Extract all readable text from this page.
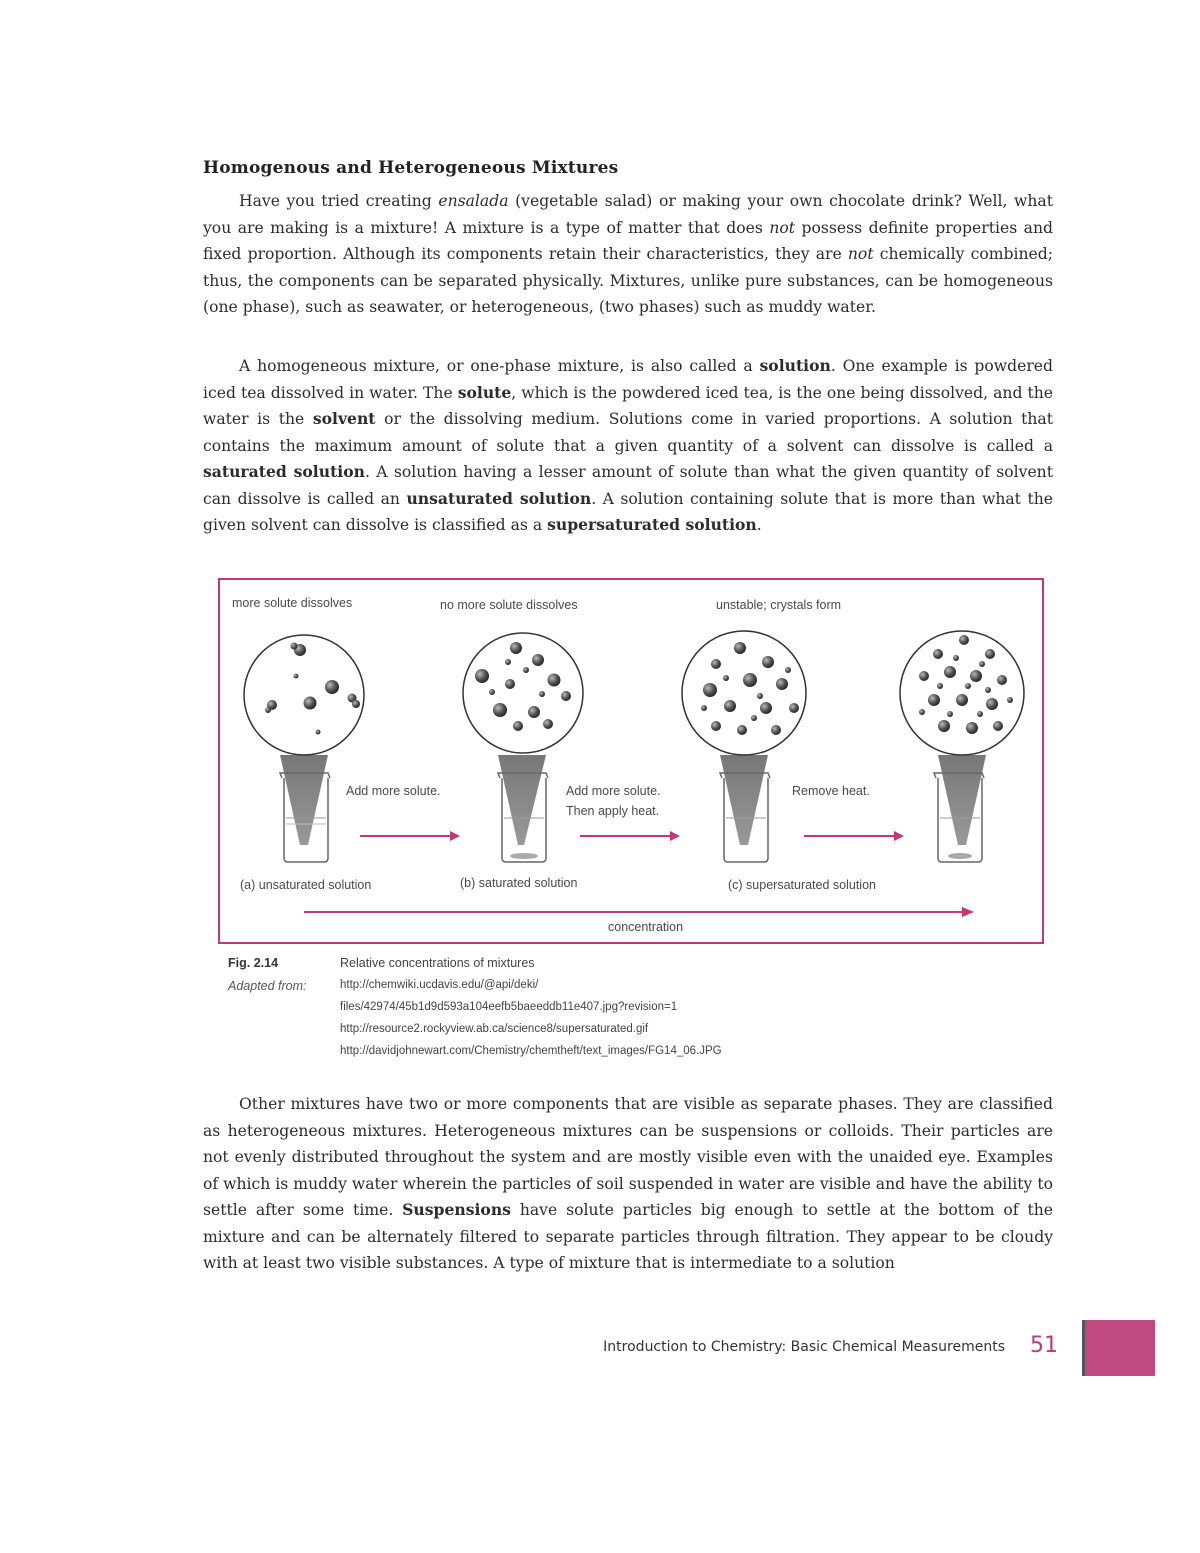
Homogenous and Heterogeneous Mixtures

Have you tried creating ensalada (vegetable salad) or making your own chocolate drink? Well, what you are making is a mixture! A mixture is a type of matter that does not possess definite properties and fixed proportion. Although its components retain their characteristics, they are not chemically combined; thus, the components can be separated physically. Mixtures, unlike pure substances, can be homogeneous (one phase), such as seawater, or heterogeneous, (two phases) such as muddy water.

A homogeneous mixture, or one-phase mixture, is also called a solution. One example is powdered iced tea dissolved in water. The solute, which is the powdered iced tea, is the one being dissolved, and the water is the solvent or the dissolving medium. Solutions come in varied proportions. A solution that contains the maximum amount of solute that a given quantity of a solvent can dissolve is called a saturated solution. A solution having a lesser amount of solute than what the given quantity of solvent can dissolve is called an unsaturated solution. A solution containing solute that is more than what the given solvent can dissolve is classified as a supersaturated solution.

more solute dissolves	no more solute dissolves	unstable; crystals form
Add more solute.	Add more solute.
Then apply heat.
Remove heat.
(a) unsaturated solution	(b) saturated solution	(c) supersaturated solution
concentration
Fig. 2.14	Relative concentrations of mixtures
Adapted from:	http://chemwiki.ucdavis.edu/@api/deki/
files/42974/45b1d9d593a104eefb5baeeddb11e407.jpg?revision=1
http://resource2.rockyview.ab.ca/science8/supersaturated.gif
http://davidjohnewart.com/Chemistry/chemtheft/text_images/FG14_06.JPG

Other mixtures have two or more components that are visible as separate phases. They are classified as heterogeneous mixtures. Heterogeneous mixtures can be suspensions or colloids. Their particles are not evenly distributed throughout the system and are mostly visible even with the unaided eye. Examples of which is muddy water wherein the particles of soil suspended in water are visible and have the ability to settle after some time. Suspensions have solute particles big enough to settle at the bottom of the mixture and can be alternately filtered to separate particles through filtration. They appear to be cloudy with at least two visible substances. A type of mixture that is intermediate to a solution

Introduction to Chemistry: Basic Chemical Measurements 51
